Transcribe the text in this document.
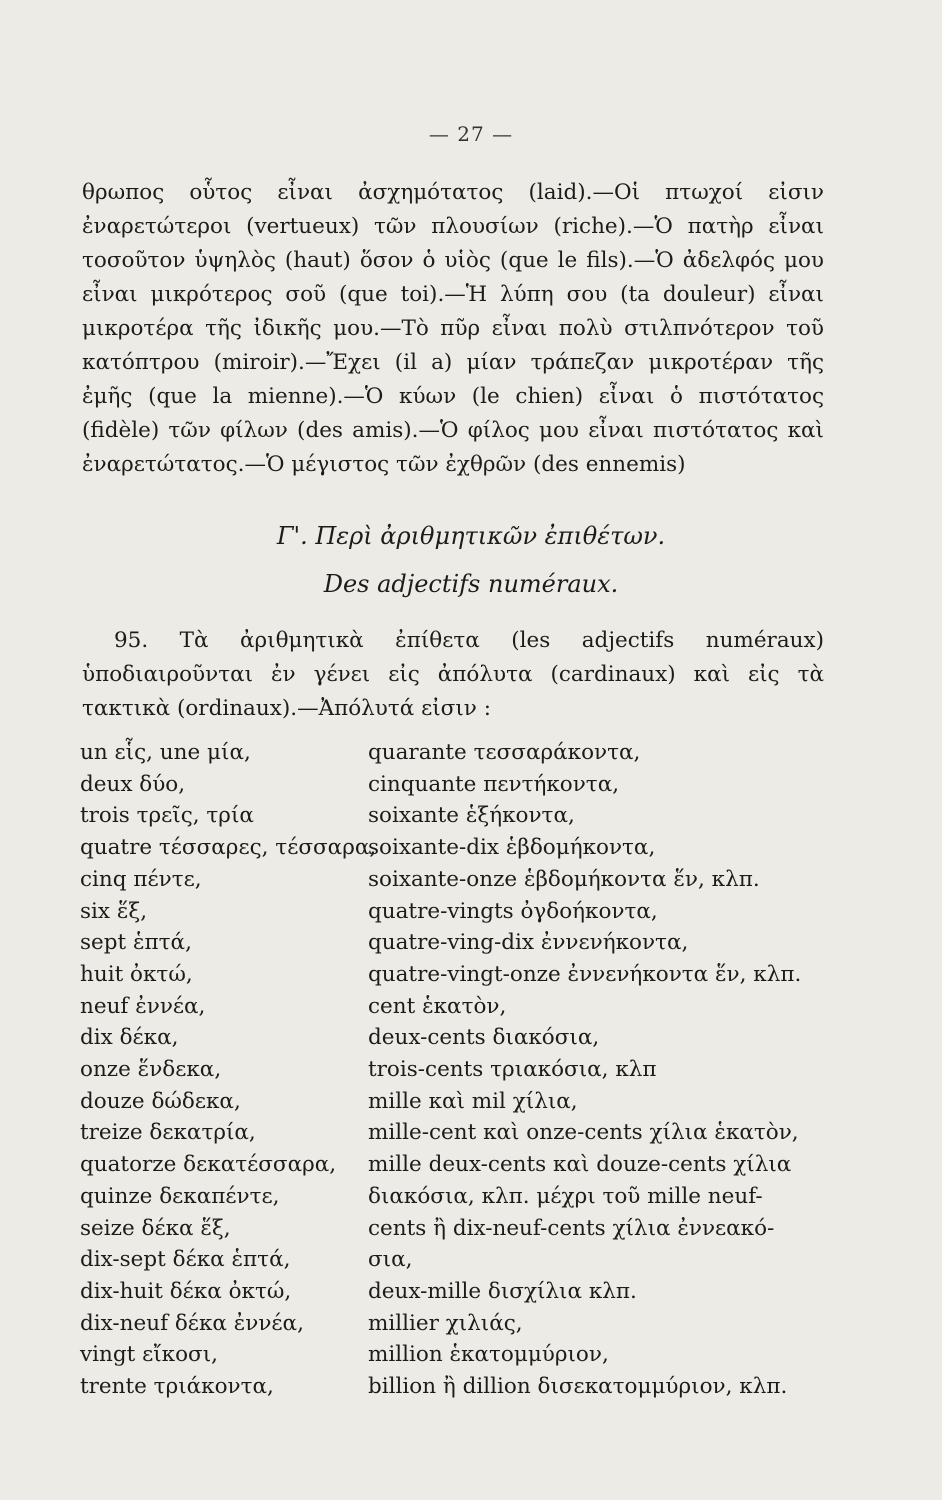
— 27 —
θρωπος οὗτος εἶναι ἀσχημότατος (laid).—Οἱ πτωχοί εἰσιν ἐναρετώτεροι (vertueux) τῶν πλουσίων (riche).—Ὁ πατὴρ εἶναι τοσοῦτον ὑψηλὸς (haut) ὅσον ὁ υἱὸς (que le fils).—Ὁ ἀδελφός μου εἶναι μικρότερος σοῦ (que toi).—Ἡ λύπη σου (ta douleur) εἶναι μικροτέρα τῆς ἰδικῆς μου.—Τὸ πῦρ εἶναι πολὺ στιλπνότερον τοῦ κατόπτρου (miroir).—Ἔχει (il a) μίαν τράπεζαν μικροτέραν τῆς ἐμῆς (que la mienne).—Ὁ κύων (le chien) εἶναι ὁ πιστότατος (fidèle) τῶν φίλων (des amis).—Ὁ φίλος μου εἶναι πιστότατος καὶ ἐναρετώτατος.—Ὁ μέγιστος τῶν ἐχθρῶν (des ennemis)
Γ'. Περὶ ἀριθμητικῶν ἐπιθέτων.
Des adjectifs numéraux.
95. Τὰ ἀριθμητικὰ ἐπίθετα (les adjectifs numéraux) ὑποδιαιροῦνται ἐν γένει εἰς ἀπόλυτα (cardinaux) καὶ εἰς τὰ τακτικὰ (ordinaux).—Ἀπόλυτά εἰσιν :
un εἷς, une μία,
deux δύο,
trois τρεῖς, τρία
quatre τέσσαρες, τέσσαρα,
cinq πέντε,
six ἕξ,
sept ἑπτά,
huit ὀκτώ,
neuf ἐννέα,
dix δέκα,
onze ἕνδεκα,
douze δώδεκα,
treize δεκατρία,
quatorze δεκατέσσαρα,
quinze δεκαπέντε,
seize δέκα ἕξ,
dix-sept δέκα ἑπτά,
dix-huit δέκα ὀκτώ,
dix-neuf δέκα ἐννέα,
vingt εἴκοσι,
trente τριάκοντα,
quarante τεσσαράκοντα,
cinquante πεντήκοντα,
soixante ἑξήκοντα,
soixante-dix ἑβδομήκοντα,
soixante-onze ἑβδομήκοντα ἕν, κλπ.
quatre-vingts ὀγδοήκοντα,
quatre-ving-dix ἐννενήκοντα,
quatre-vingt-onze ἐννενήκοντα ἕν, κλπ.
cent ἑκατὸν,
deux-cents διακόσια,
trois-cents τριακόσια, κλπ
mille καὶ mil χίλια,
mille-cent καὶ onze-cents χίλια ἑκατὸν,
mille deux-cents καὶ douze-cents χίλια
διακόσια, κλπ. μέχρι τοῦ mille neuf-
cents ἢ dix-neuf-cents χίλια ἐννεακό-
σια,
deux-mille δισχίλια κλπ.
millier χιλιάς,
million ἑκατομμύριον,
billion ἢ dillion δισεκατομμύριον, κλπ.
